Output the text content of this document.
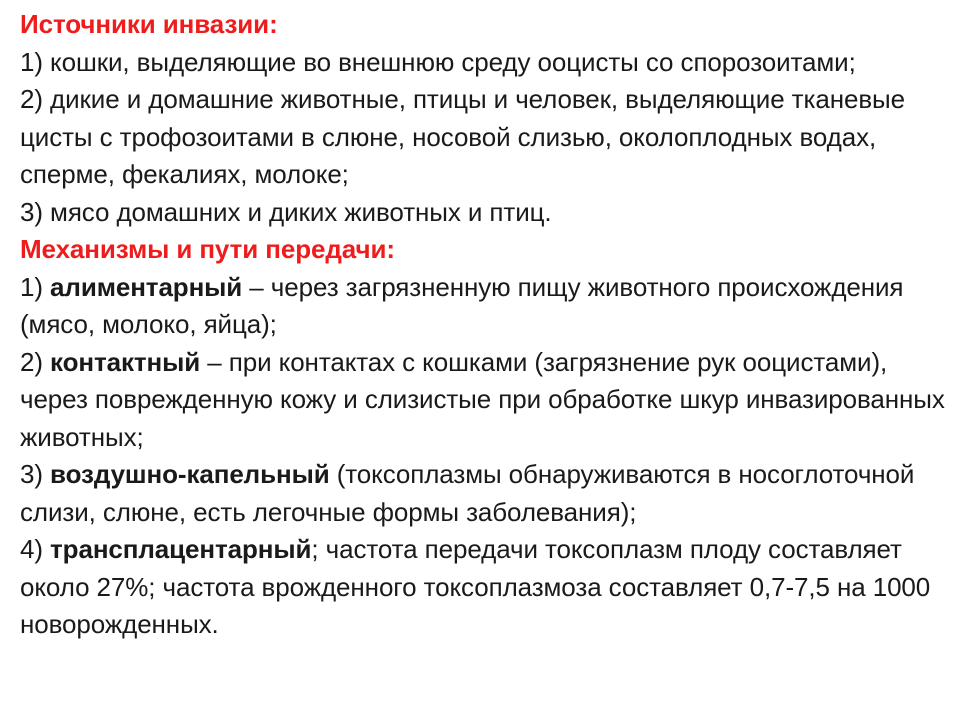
Источники инвазии:
1) кошки, выделяющие во внешнюю среду ооцисты со спорозоитами;
2) дикие и домашние животные, птицы и человек, выделяющие тканевые цисты с трофозоитами в слюне, носовой слизью, околоплодных водах, сперме, фекалиях, молоке;
3) мясо домашних и диких животных и птиц.
Механизмы и пути передачи:
1) алиментарный – через загрязненную пищу животного происхождения (мясо, молоко, яйца);
2) контактный – при контактах с кошками (загрязнение рук ооцистами), через поврежденную кожу и слизистые при обработке шкур инвазированных животных;
3) воздушно-капельный (токсоплазмы обнаруживаются в носоглоточной слизи, слюне, есть легочные формы заболевания);
4) трансплацентарный; частота передачи токсоплазм плоду составляет около 27%; частота врожденного токсоплазмоза составляет 0,7-7,5 на 1000 новорожденных.
